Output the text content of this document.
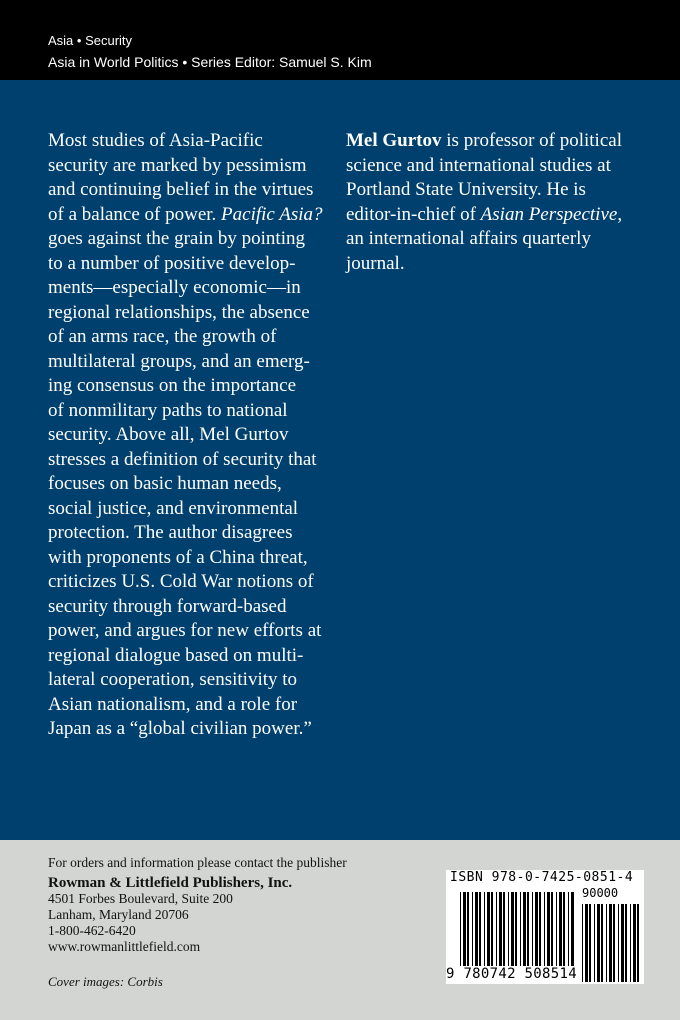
Asia • Security
Asia in World Politics • Series Editor: Samuel S. Kim
Most studies of Asia-Pacific
security are marked by pessimism
and continuing belief in the virtues
of a balance of power. Pacific Asia?
goes against the grain by pointing
to a number of positive develop-
ments—especially economic—in
regional relationships, the absence
of an arms race, the growth of
multilateral groups, and an emerg-
ing consensus on the importance
of nonmilitary paths to national
security. Above all, Mel Gurtov
stresses a definition of security that
focuses on basic human needs,
social justice, and environmental
protection. The author disagrees
with proponents of a China threat,
criticizes U.S. Cold War notions of
security through forward-based
power, and argues for new efforts at
regional dialogue based on multi-
lateral cooperation, sensitivity to
Asian nationalism, and a role for
Japan as a “global civilian power.”
Mel Gurtov is professor of political
science and international studies at
Portland State University. He is
editor-in-chief of Asian Perspective,
an international affairs quarterly
journal.
For orders and information please contact the publisher
Rowman & Littlefield Publishers, Inc.
4501 Forbes Boulevard, Suite 200
Lanham, Maryland 20706
1-800-462-6420
www.rowmanlittlefield.com
Cover images: Corbis
ISBN 978-0-7425-0851-4
90000
9 780742 508514
